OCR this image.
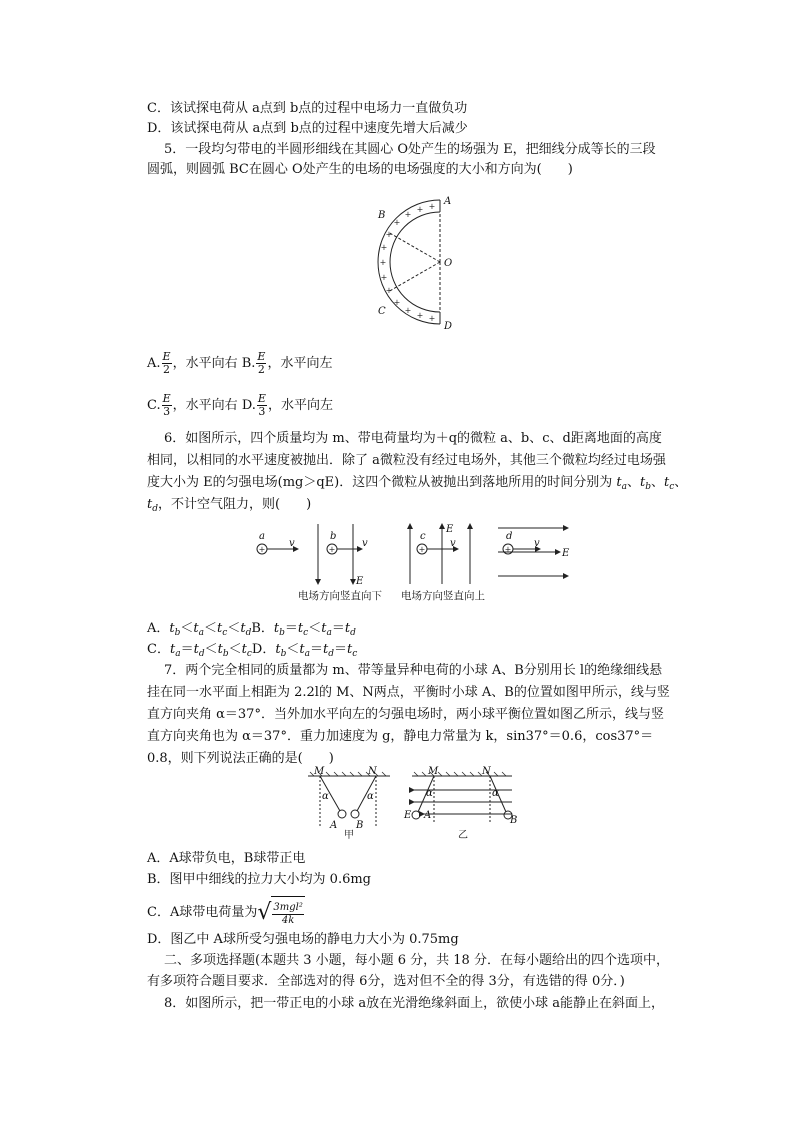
C．该试探电荷从 a点到 b点的过程中电场力一直做负功
D．该试探电荷从 a点到 b点的过程中速度先增大后减少
5．一段均匀带电的半圆形细线在其圆心 O处产生的场强为 E，把细线分成等长的三段
圆弧，则圆弧 BC在圆心 O处产生的电场的电场强度的大小和方向为(　　)
+
+
+
+
+
+
+
+
+
+
+
+ +
A
B
O
C
D
A. $\frac{E}{2}$ ，水平向右 B. $\frac{E}{2}$ ，水平向左
C. $\frac{E}{3}$ ，水平向右 D. $\frac{E}{3}$ ，水平向左
6．如图所示，四个质量均为 m、带电荷量均为＋q的微粒 a、b、c、d距离地面的高度
相同，以相同的水平速度被抛出．除了 a微粒没有经过电场外，其他三个微粒均经过电场强
度大小为 E的匀强电场(mg＞qE)．这四个微粒从被抛出到落地所用的时间分别为 $t_a$、$t_b$、$t_c$、
$t_d$，不计空气阻力，则(　　)
+	+	+	+
a
v
b
v
E
c
E
v
d
v
E
电场方向竖直向下 电场方向竖直向上
A．$t_b<t_a<t_c<t_dB$．$t_b=t_c<t_a=t_d$
C．$t_a=t_d<t_b<t_cD$．$t_b<t_a=t_d=t_c$
7．两个完全相同的质量都为 m、带等量异种电荷的小球 A、B分别用长 l的绝缘细线悬
挂在同一水平面上相距为 2.2l的 M、N两点，平衡时小球 A、B的位置如图甲所示，线与竖
直方向夹角 α＝37°．当外加水平向左的匀强电场时，两小球平衡位置如图乙所示，线与竖
直方向夹角也为 α＝37°．重力加速度为 g，静电力常量为 k，sin37°＝0.6，cos37°＝
0.8，则下列说法正确的是(　　)
M	N
α	α
A B
甲
M	N
α	α
E A	B
乙
A．A球带负电，B球带正电
B．图甲中细线的拉力大小均为 0.6mg
C．A球带电荷量为√ $\frac{\text{3mgl²}}{4k}$
D．图乙中 A球所受匀强电场的静电力大小为 0.75mg
二、多项选择题(本题共 3 小题，每小题 6 分，共 18 分．在每小题给出的四个选项中，
有多项符合题目要求．全部选对的得 6分，选对但不全的得 3分，有选错的得 0分．)
8．如图所示，把一带正电的小球 a放在光滑绝缘斜面上，欲使小球 a能静止在斜面上，
